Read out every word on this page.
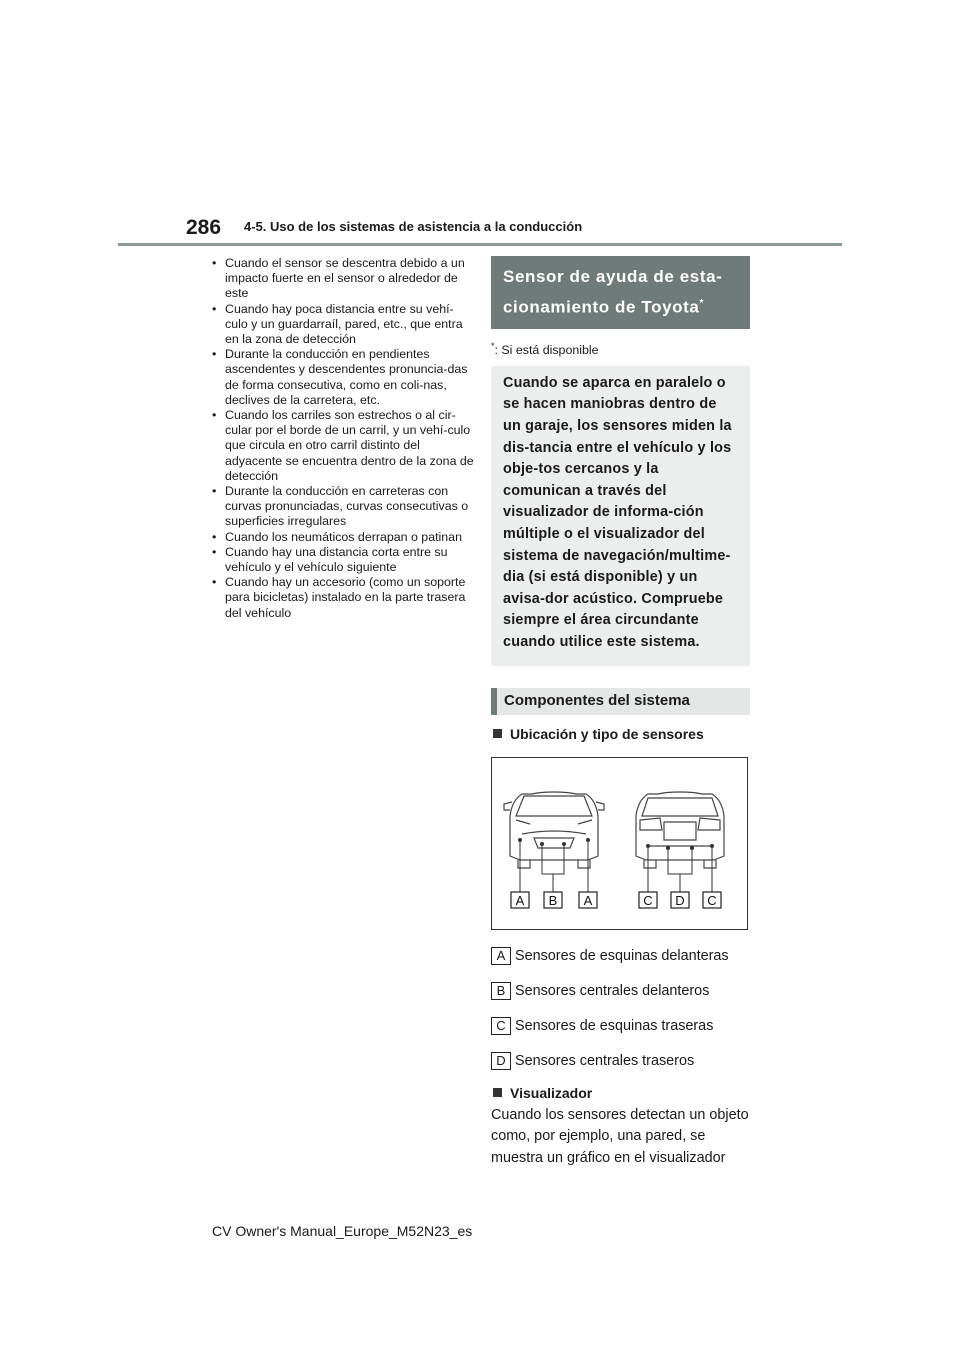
286 4-5. Uso de los sistemas de asistencia a la conducción
• Cuando el sensor se descentra debido a un impacto fuerte en el sensor o alrededor de este
• Cuando hay poca distancia entre su vehí-culo y un guardarraíl, pared, etc., que entra en la zona de detección
• Durante la conducción en pendientes ascendentes y descendentes pronuncia-das de forma consecutiva, como en coli-nas, declives de la carretera, etc.
• Cuando los carriles son estrechos o al cir-cular por el borde de un carril, y un vehí-culo que circula en otro carril distinto del adyacente se encuentra dentro de la zona de detección
• Durante la conducción en carreteras con curvas pronunciadas, curvas consecutivas o superficies irregulares
• Cuando los neumáticos derrapan o patinan
• Cuando hay una distancia corta entre su vehículo y el vehículo siguiente
• Cuando hay un accesorio (como un soporte para bicicletas) instalado en la parte trasera del vehículo
Sensor de ayuda de esta-cionamiento de Toyota*
*: Si está disponible
Cuando se aparca en paralelo o se hacen maniobras dentro de un garaje, los sensores miden la dis-tancia entre el vehículo y los obje-tos cercanos y la comunican a través del visualizador de informa-ción múltiple o el visualizador del sistema de navegación/multime-dia (si está disponible) y un avisa-dor acústico. Compruebe siempre el área circundante cuando utilice este sistema.
Componentes del sistema
Ubicación y tipo de sensores
A B A	C D C
A Sensores de esquinas delanteras
B Sensores centrales delanteros
C Sensores de esquinas traseras
D Sensores centrales traseros
Visualizador
Cuando los sensores detectan un objeto como, por ejemplo, una pared, se muestra un gráfico en el visualizador
CV Owner's Manual_Europe_M52N23_es
